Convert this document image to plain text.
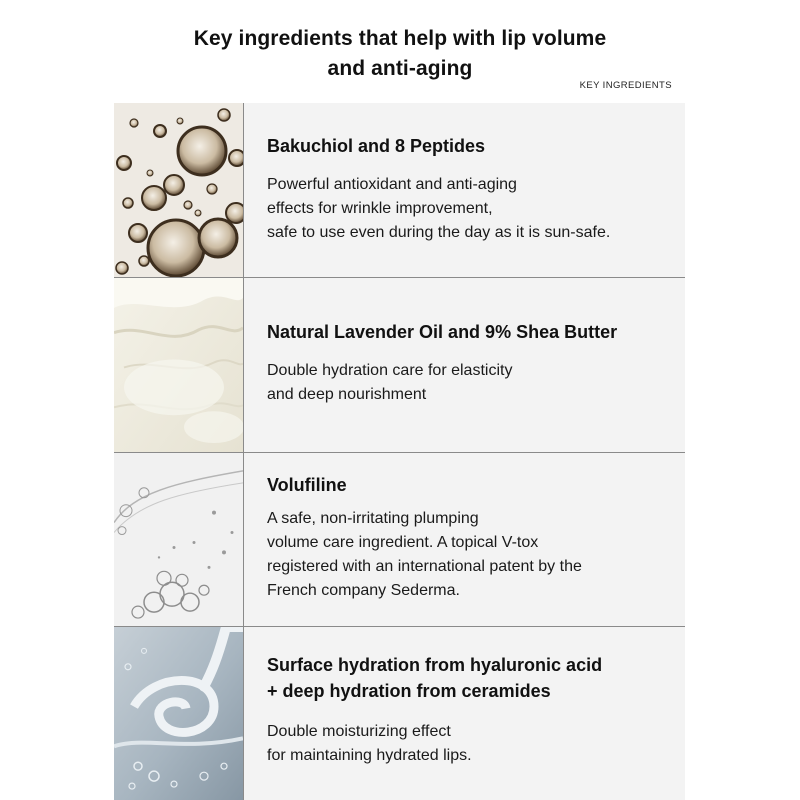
Key ingredients that help with lip volume
and anti-aging
KEY INGREDIENTS

Bakuchiol and 8 Peptides

Powerful antioxidant and anti-aging
effects for wrinkle improvement,
safe to use even during the day as it is sun-safe.

Natural Lavender Oil and 9% Shea Butter

Double hydration care for elasticity
and deep nourishment

Volufiline

A safe, non-irritating plumping
volume care ingredient. A topical V-tox
registered with an international patent by the
French company Sederma.

Surface hydration from hyaluronic acid
+ deep hydration from ceramides

Double moisturizing effect
for maintaining hydrated lips.
